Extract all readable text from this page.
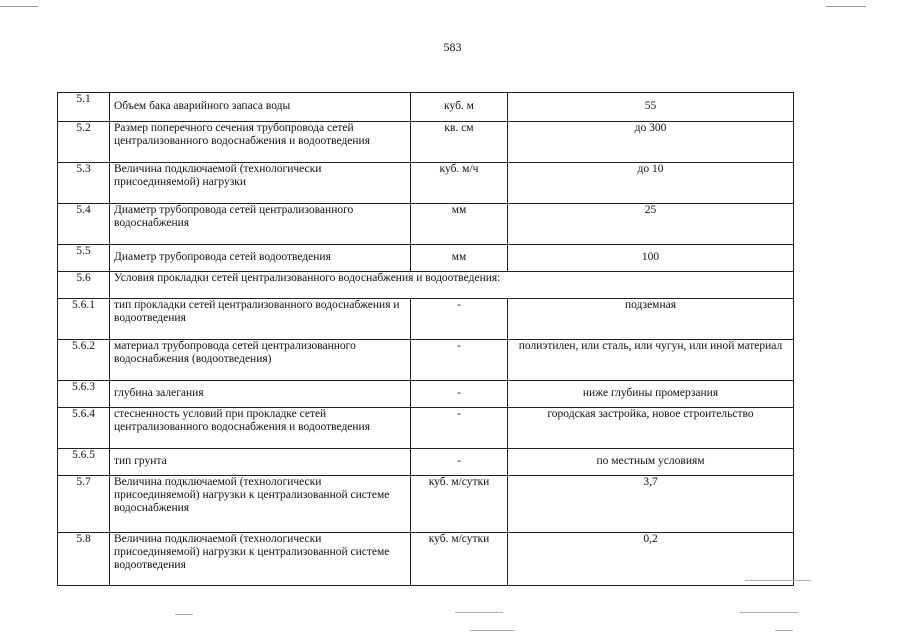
583
5.1	Объем бака аварийного запаса воды	куб. м	55
5.2	Размер поперечного сечения трубопровода сетей централизованного водоснабжения и водоотведения	кв. см	до 300
5.3	Величина подключаемой (технологически присоединяемой) нагрузки	куб. м/ч	до 10
5.4	Диаметр трубопровода сетей централизованного водоснабжения	мм	25
5.5	Диаметр трубопровода сетей водоотведения	мм	100
5.6	Условия прокладки сетей централизованного водоснабжения и водоотведения:		
5.6.1	тип прокладки сетей централизованного водоснабжения и водоотведения	-	подземная
5.6.2	материал трубопровода сетей централизованного водоснабжения (водоотведения)	-	полиэтилен, или сталь, или чугун, или иной материал
5.6.3	глубина залегания	-	ниже глубины промерзания
5.6.4	стесненность условий при прокладке сетей централизованного водоснабжения и водоотведения	-	городская застройка, новое строительство
5.6.5	тип грунта	-	по местным условиям
5.7	Величина подключаемой (технологически присоединяемой) нагрузки к централизованной системе водоснабжения	куб. м/сутки	3,7
5.8	Величина подключаемой (технологически присоединяемой) нагрузки к централизованной системе водоотведения	куб. м/сутки	0,2
